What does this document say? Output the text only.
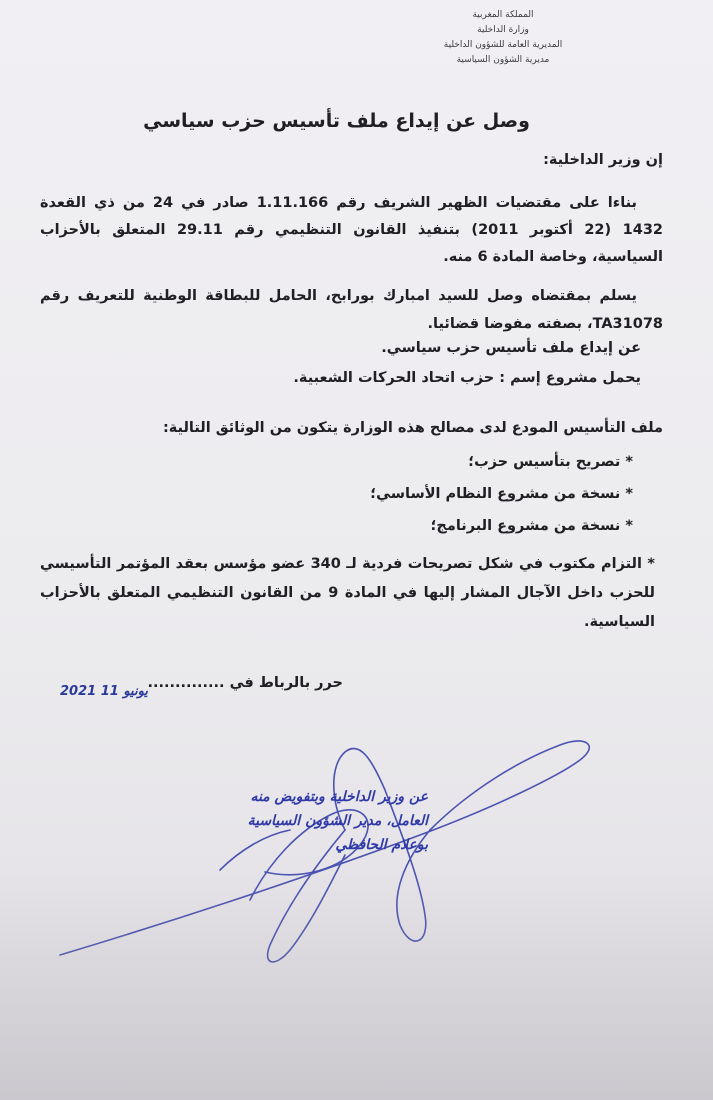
المملكة المغربية
وزارة الداخلية
المديرية العامة للشؤون الداخلية
مديرية الشؤون السياسية
وصل عن إيداع ملف تأسيس حزب سياسي
إن وزير الداخلية:
بناءا على مقتضيات الظهير الشريف رقم 1.11.166 صادر في 24 من ذي القعدة 1432 (22 أكتوبر 2011) بتنفيذ القانون التنظيمي رقم 29.11 المتعلق بالأحزاب السياسية، وخاصة المادة 6 منه.
يسلم بمقتضاه وصل للسيد امبارك بورابح، الحامل للبطاقة الوطنية للتعريف رقم TA31078، بصفته مفوضا قضائيا.
عن إيداع ملف تأسيس حزب سياسي.
يحمل مشروع إسم : حزب اتحاد الحركات الشعبية.
ملف التأسيس المودع لدى مصالح هذه الوزارة يتكون من الوثائق التالية:
* تصريح بتأسيس حزب؛
* نسخة من مشروع النظام الأساسي؛
* نسخة من مشروع البرنامج؛
* التزام مكتوب في شكل تصريحات فردية لـ 340 عضو مؤسس بعقد المؤتمر التأسيسي للحزب داخل الآجال المشار إليها في المادة 9 من القانون التنظيمي المتعلق بالأحزاب السياسية.
حرر بالرباط في ..............
2021 يونيو 11
عن وزير الداخلية وبتفويض منه
العامل، مدير الشؤون السياسية
بوعلام الحافظي
